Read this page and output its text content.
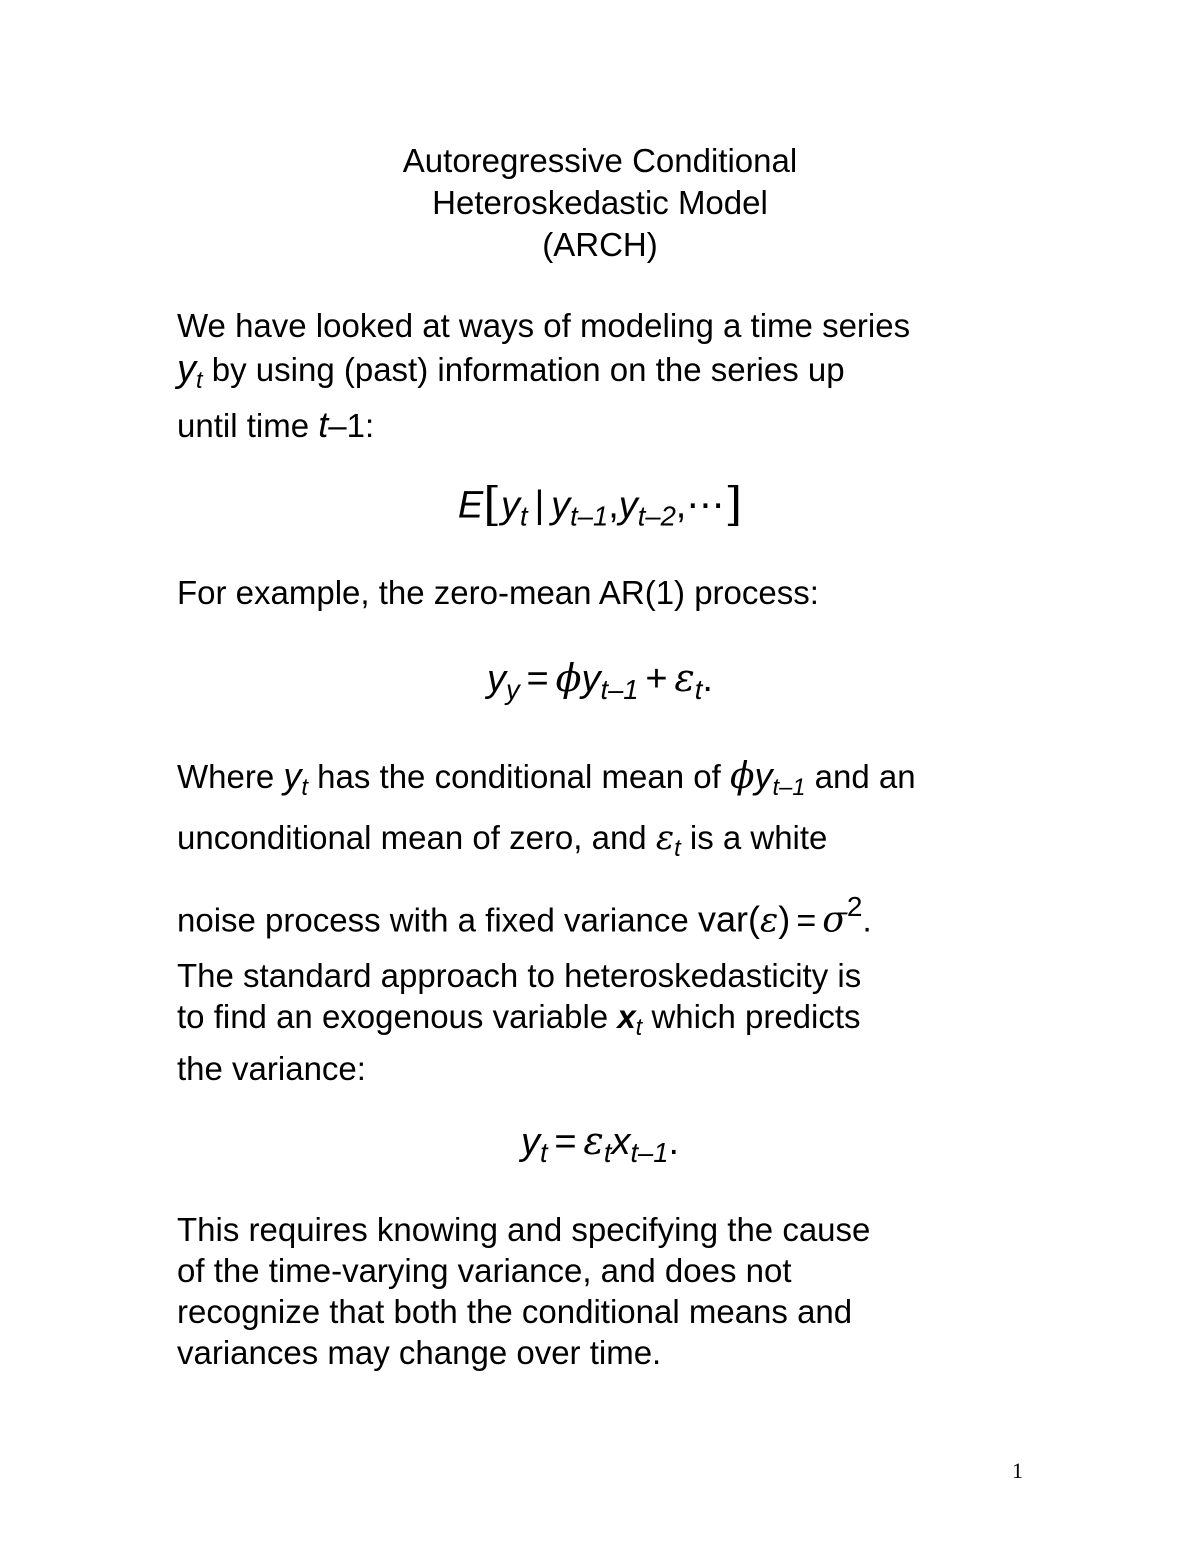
Autoregressive Conditional
Heteroskedastic Model
(ARCH)
We have looked at ways of modeling a time series
$y_t$ by using (past) information on the series up
until time t–1:
$E[y_t$ | $y_{t-1},y_{t-2},\cdots$]
For example, the zero-mean AR(1) process:
$y_y = \phi y_{t-1} + \varepsilon_t$.
Where $y_t$ has the conditional mean of $\phi y_{t-1}$ and an
unconditional mean of zero, and $\varepsilon_t$ is a white
noise process with a fixed variance $var(\varepsilon) = \sigma^2$.
The standard approach to heteroskedasticity is
to find an exogenous variable $x_t$ which predicts
the variance:
$y_t = \varepsilon_tx_{t-1}$.
This requires knowing and specifying the cause
of the time-varying variance, and does not
recognize that both the conditional means and
variances may change over time.
1
